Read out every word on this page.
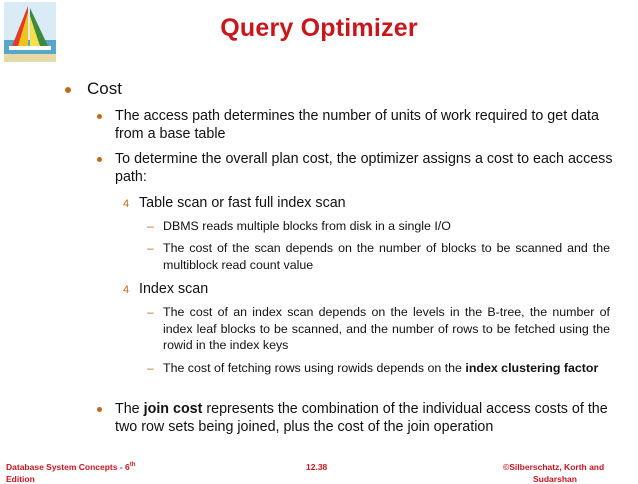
Query Optimizer
Cost
The access path determines the number of units of work required to get data from a base table
To determine the overall plan cost, the optimizer assigns a cost to each access path:
4 Table scan or fast full index scan
– DBMS reads multiple blocks from disk in a single I/O
– The cost of the scan depends on the number of blocks to be scanned and the multiblock read count value
4 Index scan
– The cost of an index scan depends on the levels in the B-tree, the number of index leaf blocks to be scanned, and the number of rows to be fetched using the rowid in the index keys
– The cost of fetching rows using rowids depends on the index clustering factor
The join cost represents the combination of the individual access costs of the two row sets being joined, plus the cost of the join operation
Database System Concepts - 6th
Edition
12.38	©Silberschatz, Korth and
Sudarshan
